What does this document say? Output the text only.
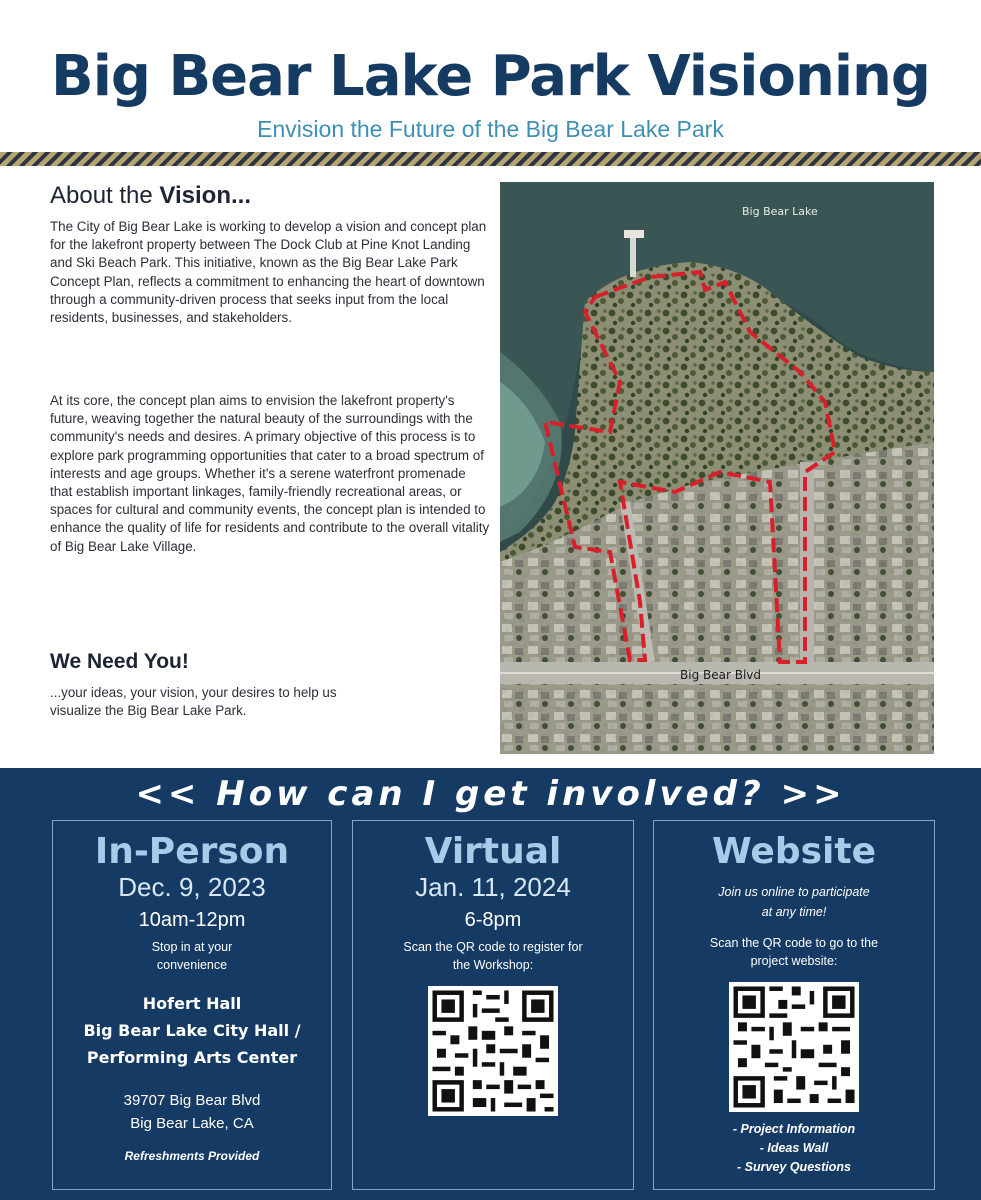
Big Bear Lake Park Visioning
Envision the Future of the Big Bear Lake Park
About the Vision...
The City of Big Bear Lake is working to develop a vision and concept plan for the lakefront property between The Dock Club at Pine Knot Landing and Ski Beach Park. This initiative, known as the Big Bear Lake Park Concept Plan, reflects a commitment to enhancing the heart of downtown through a community-driven process that seeks input from the local residents, businesses, and stakeholders.
At its core, the concept plan aims to envision the lakefront property's future, weaving together the natural beauty of the surroundings with the community's needs and desires. A primary objective of this process is to explore park programming opportunities that cater to a broad spectrum of interests and age groups. Whether it's a serene waterfront promenade that establish important linkages, family-friendly recreational areas, or spaces for cultural and community events, the concept plan is intended to enhance the quality of life for residents and contribute to the overall vitality of Big Bear Lake Village.
We Need You!
...your ideas, your vision, your desires to help us visualize the Big Bear Lake Park.
Big Bear Lake
Big Bear Blvd
<< How can I get involved? >>
In-Person
Dec. 9, 2023
10am-12pm
Stop in at your convenience
Hofert Hall
Big Bear Lake City Hall /
Performing Arts Center
39707 Big Bear Blvd
Big Bear Lake, CA
Refreshments Provided
Virtual
Jan. 11, 2024
6-8pm
Scan the QR code to register for the Workshop:
Website
Join us online to participate at any time!
Scan the QR code to go to the project website:
- Project Information
- Ideas Wall
- Survey Questions
